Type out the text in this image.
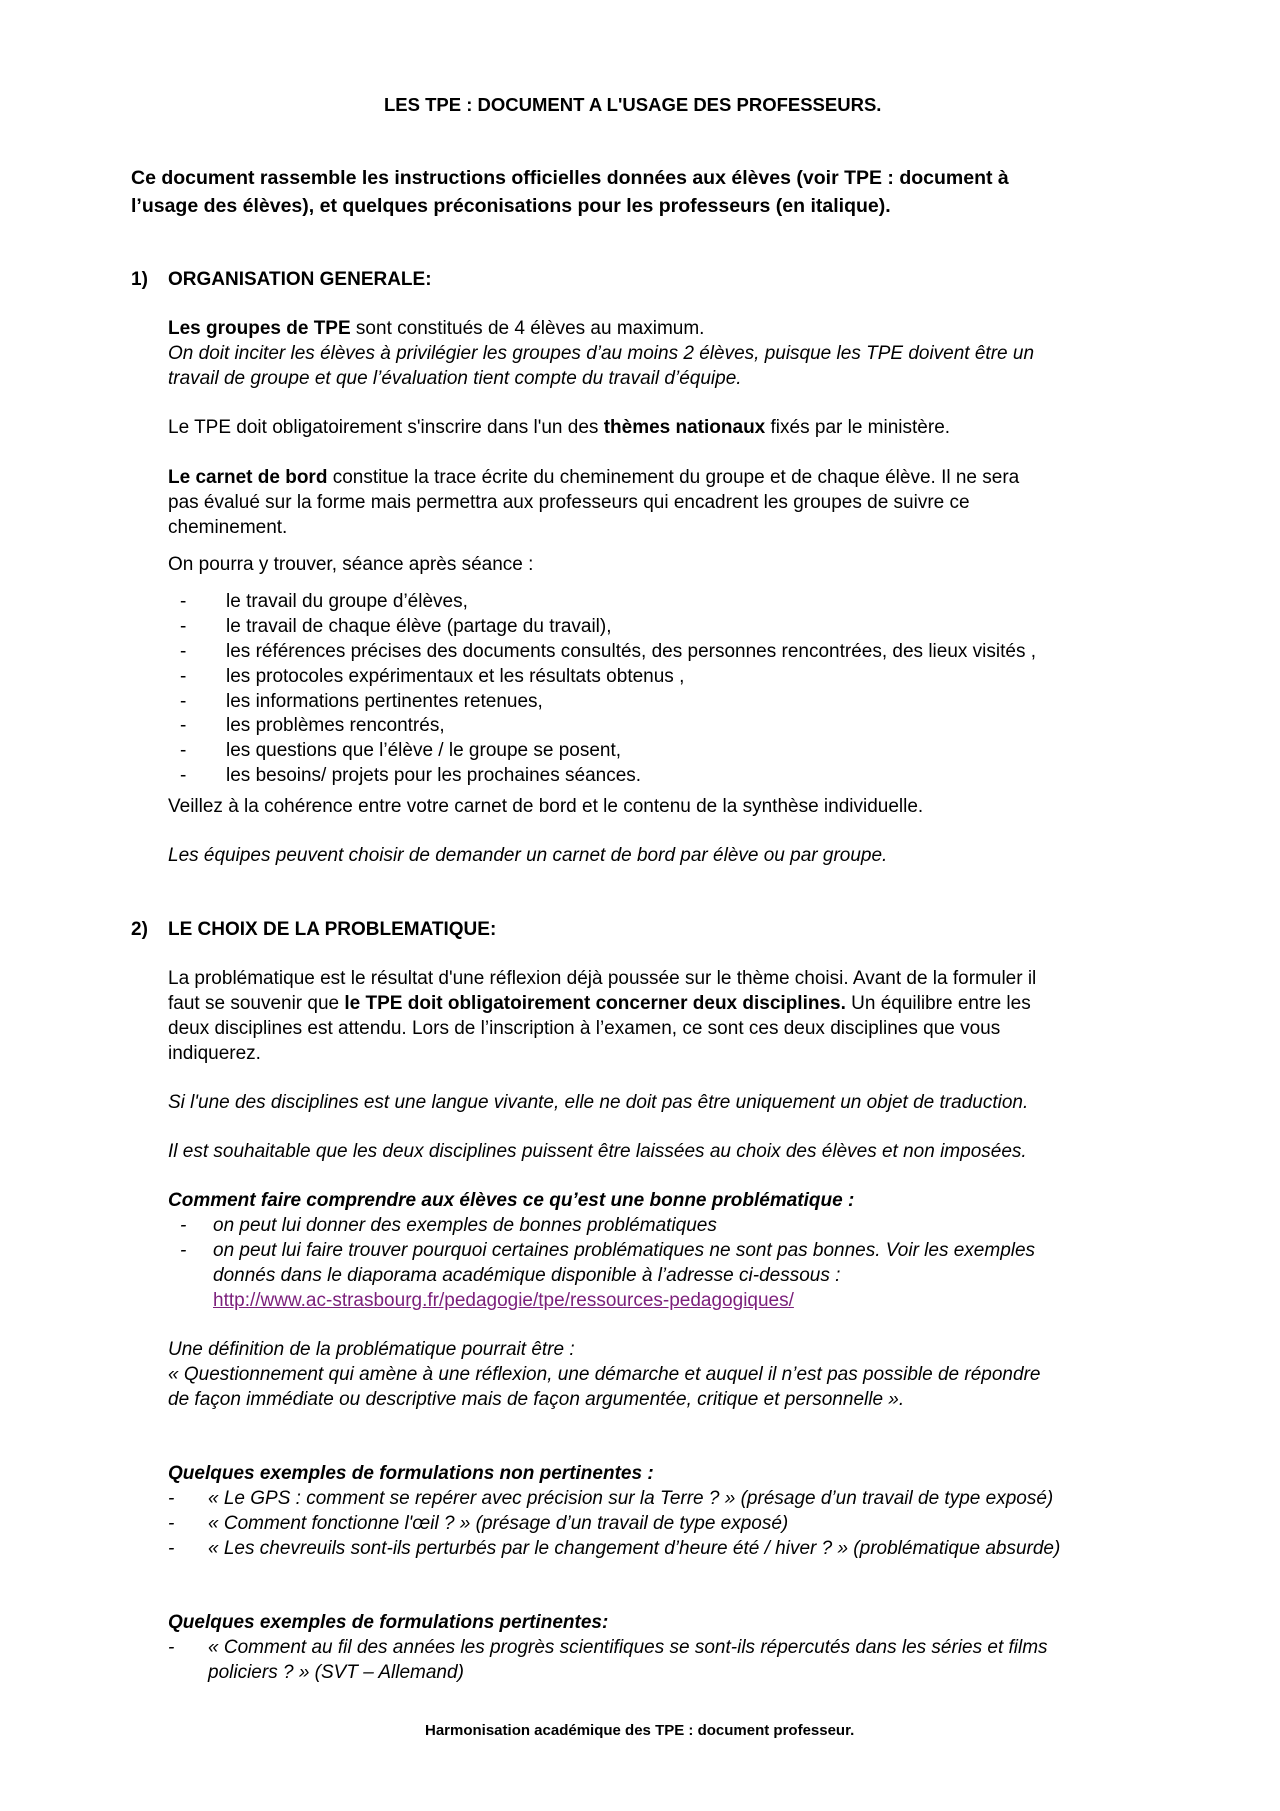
LES TPE : DOCUMENT A L'USAGE DES PROFESSEURS.
Ce document rassemble les instructions officielles données aux élèves (voir TPE : document à
l’usage des élèves), et quelques préconisations pour les professeurs (en italique).
1) ORGANISATION GENERALE:
Les groupes de TPE sont constitués de 4 élèves au maximum.
On doit inciter les élèves à privilégier les groupes d’au moins 2 élèves, puisque les TPE doivent être un
travail de groupe et que l’évaluation tient compte du travail d’équipe.
Le TPE doit obligatoirement s'inscrire dans l'un des thèmes nationaux fixés par le ministère.
Le carnet de bord constitue la trace écrite du cheminement du groupe et de chaque élève. Il ne sera
pas évalué sur la forme mais permettra aux professeurs qui encadrent les groupes de suivre ce
cheminement.
On pourra y trouver, séance après séance :
- le travail du groupe d’élèves,
- le travail de chaque élève (partage du travail),
- les références précises des documents consultés, des personnes rencontrées, des lieux visités ,
- les protocoles expérimentaux et les résultats obtenus ,
- les informations pertinentes retenues,
- les problèmes rencontrés,
- les questions que l’élève / le groupe se posent,
- les besoins/ projets pour les prochaines séances.
Veillez à la cohérence entre votre carnet de bord et le contenu de la synthèse individuelle.
Les équipes peuvent choisir de demander un carnet de bord par élève ou par groupe.
2) LE CHOIX DE LA PROBLEMATIQUE:
La problématique est le résultat d'une réflexion déjà poussée sur le thème choisi. Avant de la formuler il
faut se souvenir que le TPE doit obligatoirement concerner deux disciplines. Un équilibre entre les
deux disciplines est attendu. Lors de l’inscription à l’examen, ce sont ces deux disciplines que vous
indiquerez.
Si l'une des disciplines est une langue vivante, elle ne doit pas être uniquement un objet de traduction.
Il est souhaitable que les deux disciplines puissent être laissées au choix des élèves et non imposées.
Comment faire comprendre aux élèves ce qu’est une bonne problématique :
- on peut lui donner des exemples de bonnes problématiques
- on peut lui faire trouver pourquoi certaines problématiques ne sont pas bonnes. Voir les exemples
donnés dans le diaporama académique disponible à l’adresse ci-dessous :
http://www.ac-strasbourg.fr/pedagogie/tpe/ressources-pedagogiques/
Une définition de la problématique pourrait être :
« Questionnement qui amène à une réflexion, une démarche et auquel il n’est pas possible de répondre
de façon immédiate ou descriptive mais de façon argumentée, critique et personnelle ».
Quelques exemples de formulations non pertinentes :
- « Le GPS : comment se repérer avec précision sur la Terre ? » (présage d’un travail de type exposé)
- « Comment fonctionne l'œil ? » (présage d’un travail de type exposé)
- « Les chevreuils sont-ils perturbés par le changement d’heure été / hiver ? » (problématique absurde)
Quelques exemples de formulations pertinentes:
- « Comment au fil des années les progrès scientifiques se sont-ils répercutés dans les séries et films
policiers ? » (SVT – Allemand)
Harmonisation académique des TPE : document professeur.
